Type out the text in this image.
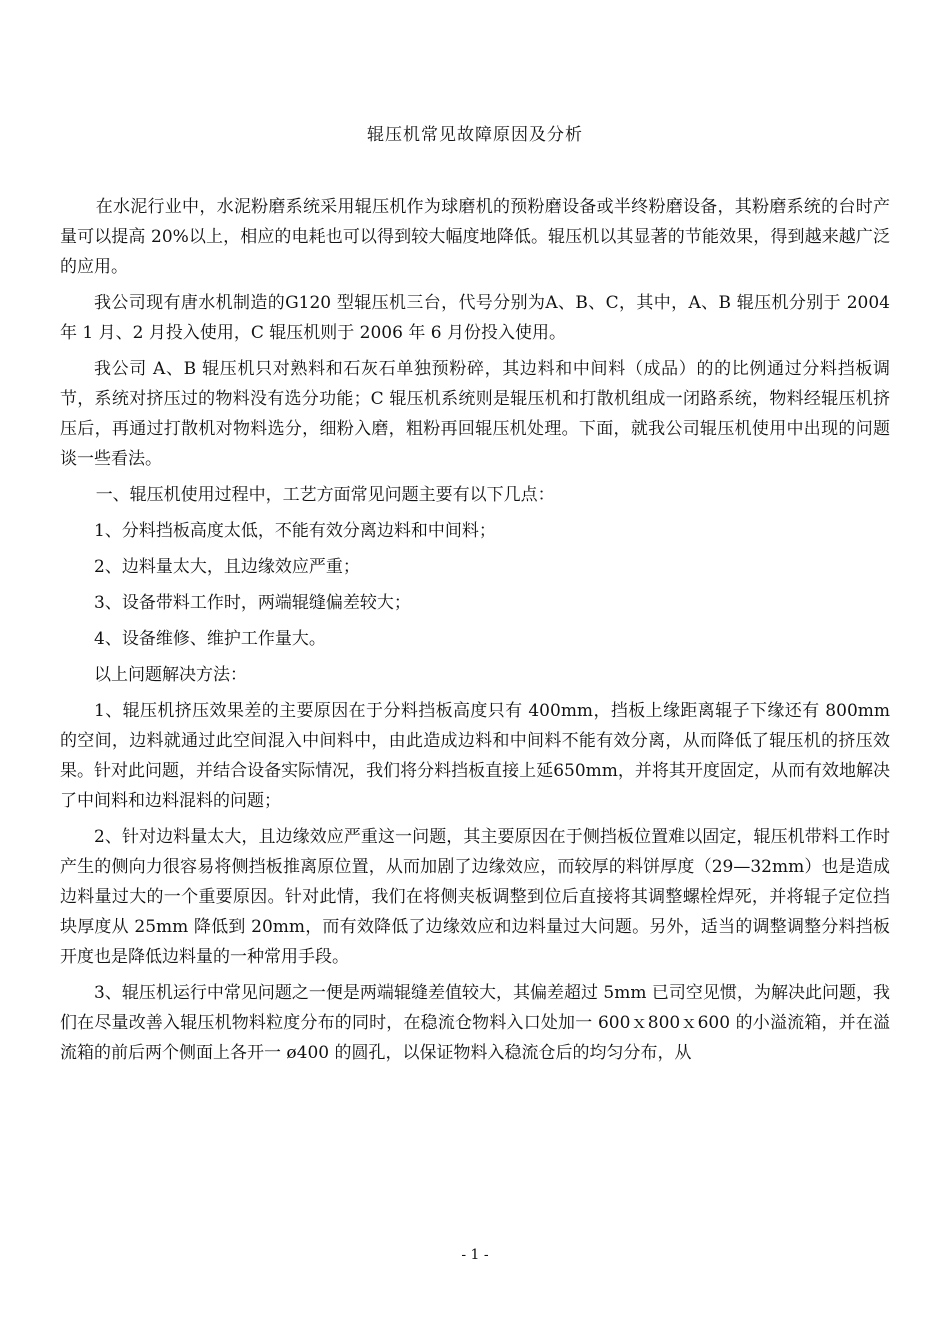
辊压机常见故障原因及分析

在水泥行业中，水泥粉磨系统采用辊压机作为球磨机的预粉磨设备或半终粉磨设备，其粉磨系统的台时产量可以提高 20%以上，相应的电耗也可以得到较大幅度地降低。辊压机以其显著的节能效果，得到越来越广泛的应用。

我公司现有唐水机制造的G120 型辊压机三台，代号分别为A、B、C，其中，A、B 辊压机分别于 2004 年 1 月、2 月投入使用，C 辊压机则于 2006 年 6 月份投入使用。

我公司 A、B 辊压机只对熟料和石灰石单独预粉碎，其边料和中间料（成品）的的比例通过分料挡板调节，系统对挤压过的物料没有选分功能；C 辊压机系统则是辊压机和打散机组成一闭路系统，物料经辊压机挤压后，再通过打散机对物料选分，细粉入磨，粗粉再回辊压机处理。下面，就我公司辊压机使用中出现的问题谈一些看法。

一、辊压机使用过程中，工艺方面常见问题主要有以下几点：

1、分料挡板高度太低，不能有效分离边料和中间料；

2、边料量太大，且边缘效应严重；

3、设备带料工作时，两端辊缝偏差较大；

4、设备维修、维护工作量大。

以上问题解决方法：

1、辊压机挤压效果差的主要原因在于分料挡板高度只有 400mm，挡板上缘距离辊子下缘还有 800mm 的空间，边料就通过此空间混入中间料中，由此造成边料和中间料不能有效分离，从而降低了辊压机的挤压效果。针对此问题，并结合设备实际情况，我们将分料挡板直接上延650mm，并将其开度固定，从而有效地解决了中间料和边料混料的问题；

2、针对边料量太大，且边缘效应严重这一问题，其主要原因在于侧挡板位置难以固定，辊压机带料工作时产生的侧向力很容易将侧挡板推离原位置，从而加剧了边缘效应，而较厚的料饼厚度（29—32mm）也是造成边料量过大的一个重要原因。针对此情，我们在将侧夹板调整到位后直接将其调整螺栓焊死，并将辊子定位挡块厚度从 25mm 降低到 20mm，而有效降低了边缘效应和边料量过大问题。另外，适当的调整调整分料挡板开度也是降低边料量的一种常用手段。

3、辊压机运行中常见问题之一便是两端辊缝差值较大，其偏差超过 5mm 已司空见惯，为解决此问题，我们在尽量改善入辊压机物料粒度分布的同时，在稳流仓物料入口处加一 600ｘ800ｘ600 的小溢流箱，并在溢流箱的前后两个侧面上各开一 ø400 的圆孔，以保证物料入稳流仓后的均匀分布，从

- 1 -
